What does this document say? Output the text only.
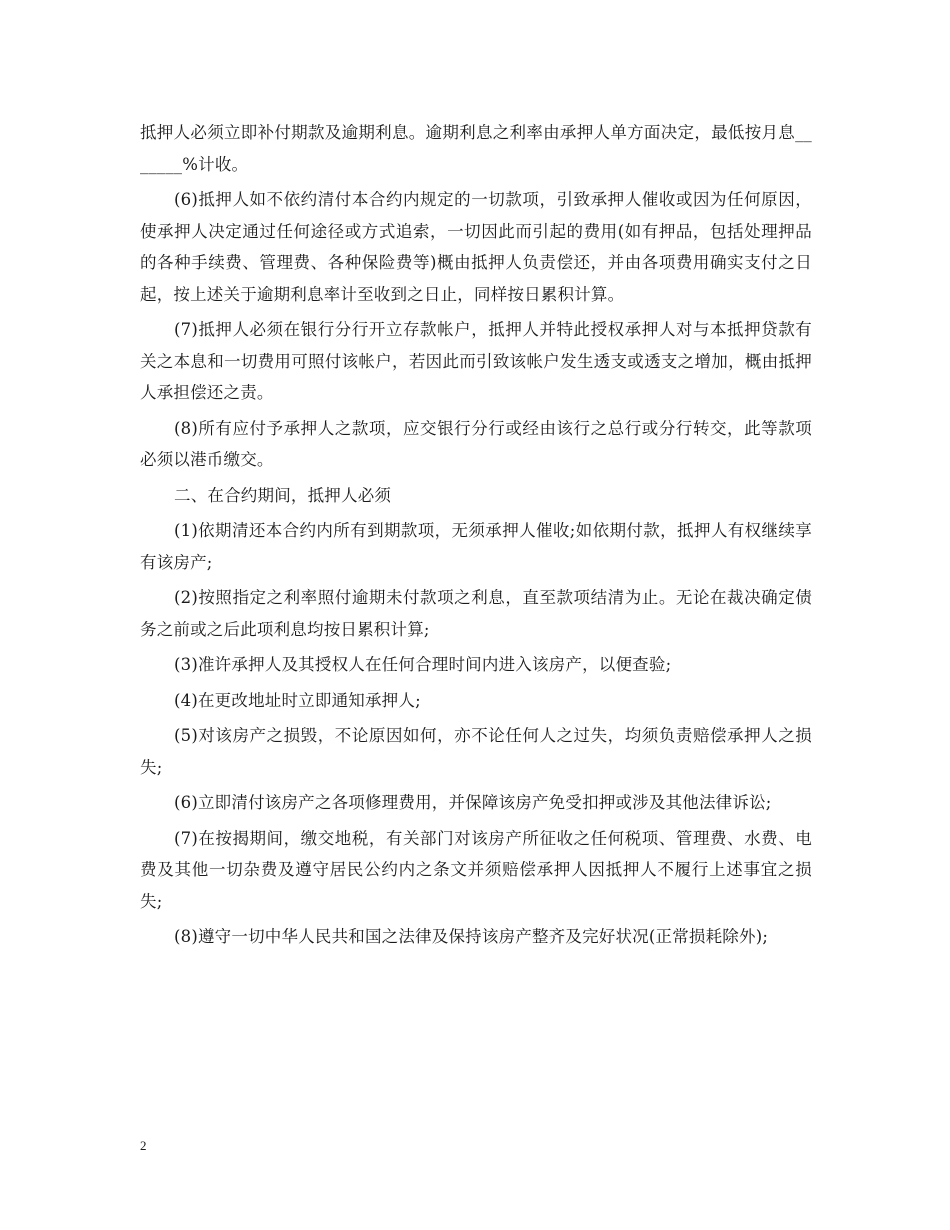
抵押人必须立即补付期款及逾期利息。逾期利息之利率由承押人单方面决定，最低按月息_______%计收。

(6)抵押人如不依约清付本合约内规定的一切款项，引致承押人催收或因为任何原因，使承押人决定通过任何途径或方式追索，一切因此而引起的费用(如有押品，包括处理押品的各种手续费、管理费、各种保险费等)概由抵押人负责偿还，并由各项费用确实支付之日起，按上述关于逾期利息率计至收到之日止，同样按日累积计算。

(7)抵押人必须在银行分行开立存款帐户，抵押人并特此授权承押人对与本抵押贷款有关之本息和一切费用可照付该帐户，若因此而引致该帐户发生透支或透支之增加，概由抵押人承担偿还之责。

(8)所有应付予承押人之款项，应交银行分行或经由该行之总行或分行转交，此等款项必须以港币缴交。

二、在合约期间，抵押人必须

(1)依期清还本合约内所有到期款项，无须承押人催收;如依期付款，抵押人有权继续享有该房产;

(2)按照指定之利率照付逾期未付款项之利息，直至款项结清为止。无论在裁决确定债务之前或之后此项利息均按日累积计算;

(3)准许承押人及其授权人在任何合理时间内进入该房产，以便查验;

(4)在更改地址时立即通知承押人;

(5)对该房产之损毁，不论原因如何，亦不论任何人之过失，均须负责赔偿承押人之损失;

(6)立即清付该房产之各项修理费用，并保障该房产免受扣押或涉及其他法律诉讼;

(7)在按揭期间，缴交地税，有关部门对该房产所征收之任何税项、管理费、水费、电费及其他一切杂费及遵守居民公约内之条文并须赔偿承押人因抵押人不履行上述事宜之损失;

(8)遵守一切中华人民共和国之法律及保持该房产整齐及完好状况(正常损耗除外);

2
